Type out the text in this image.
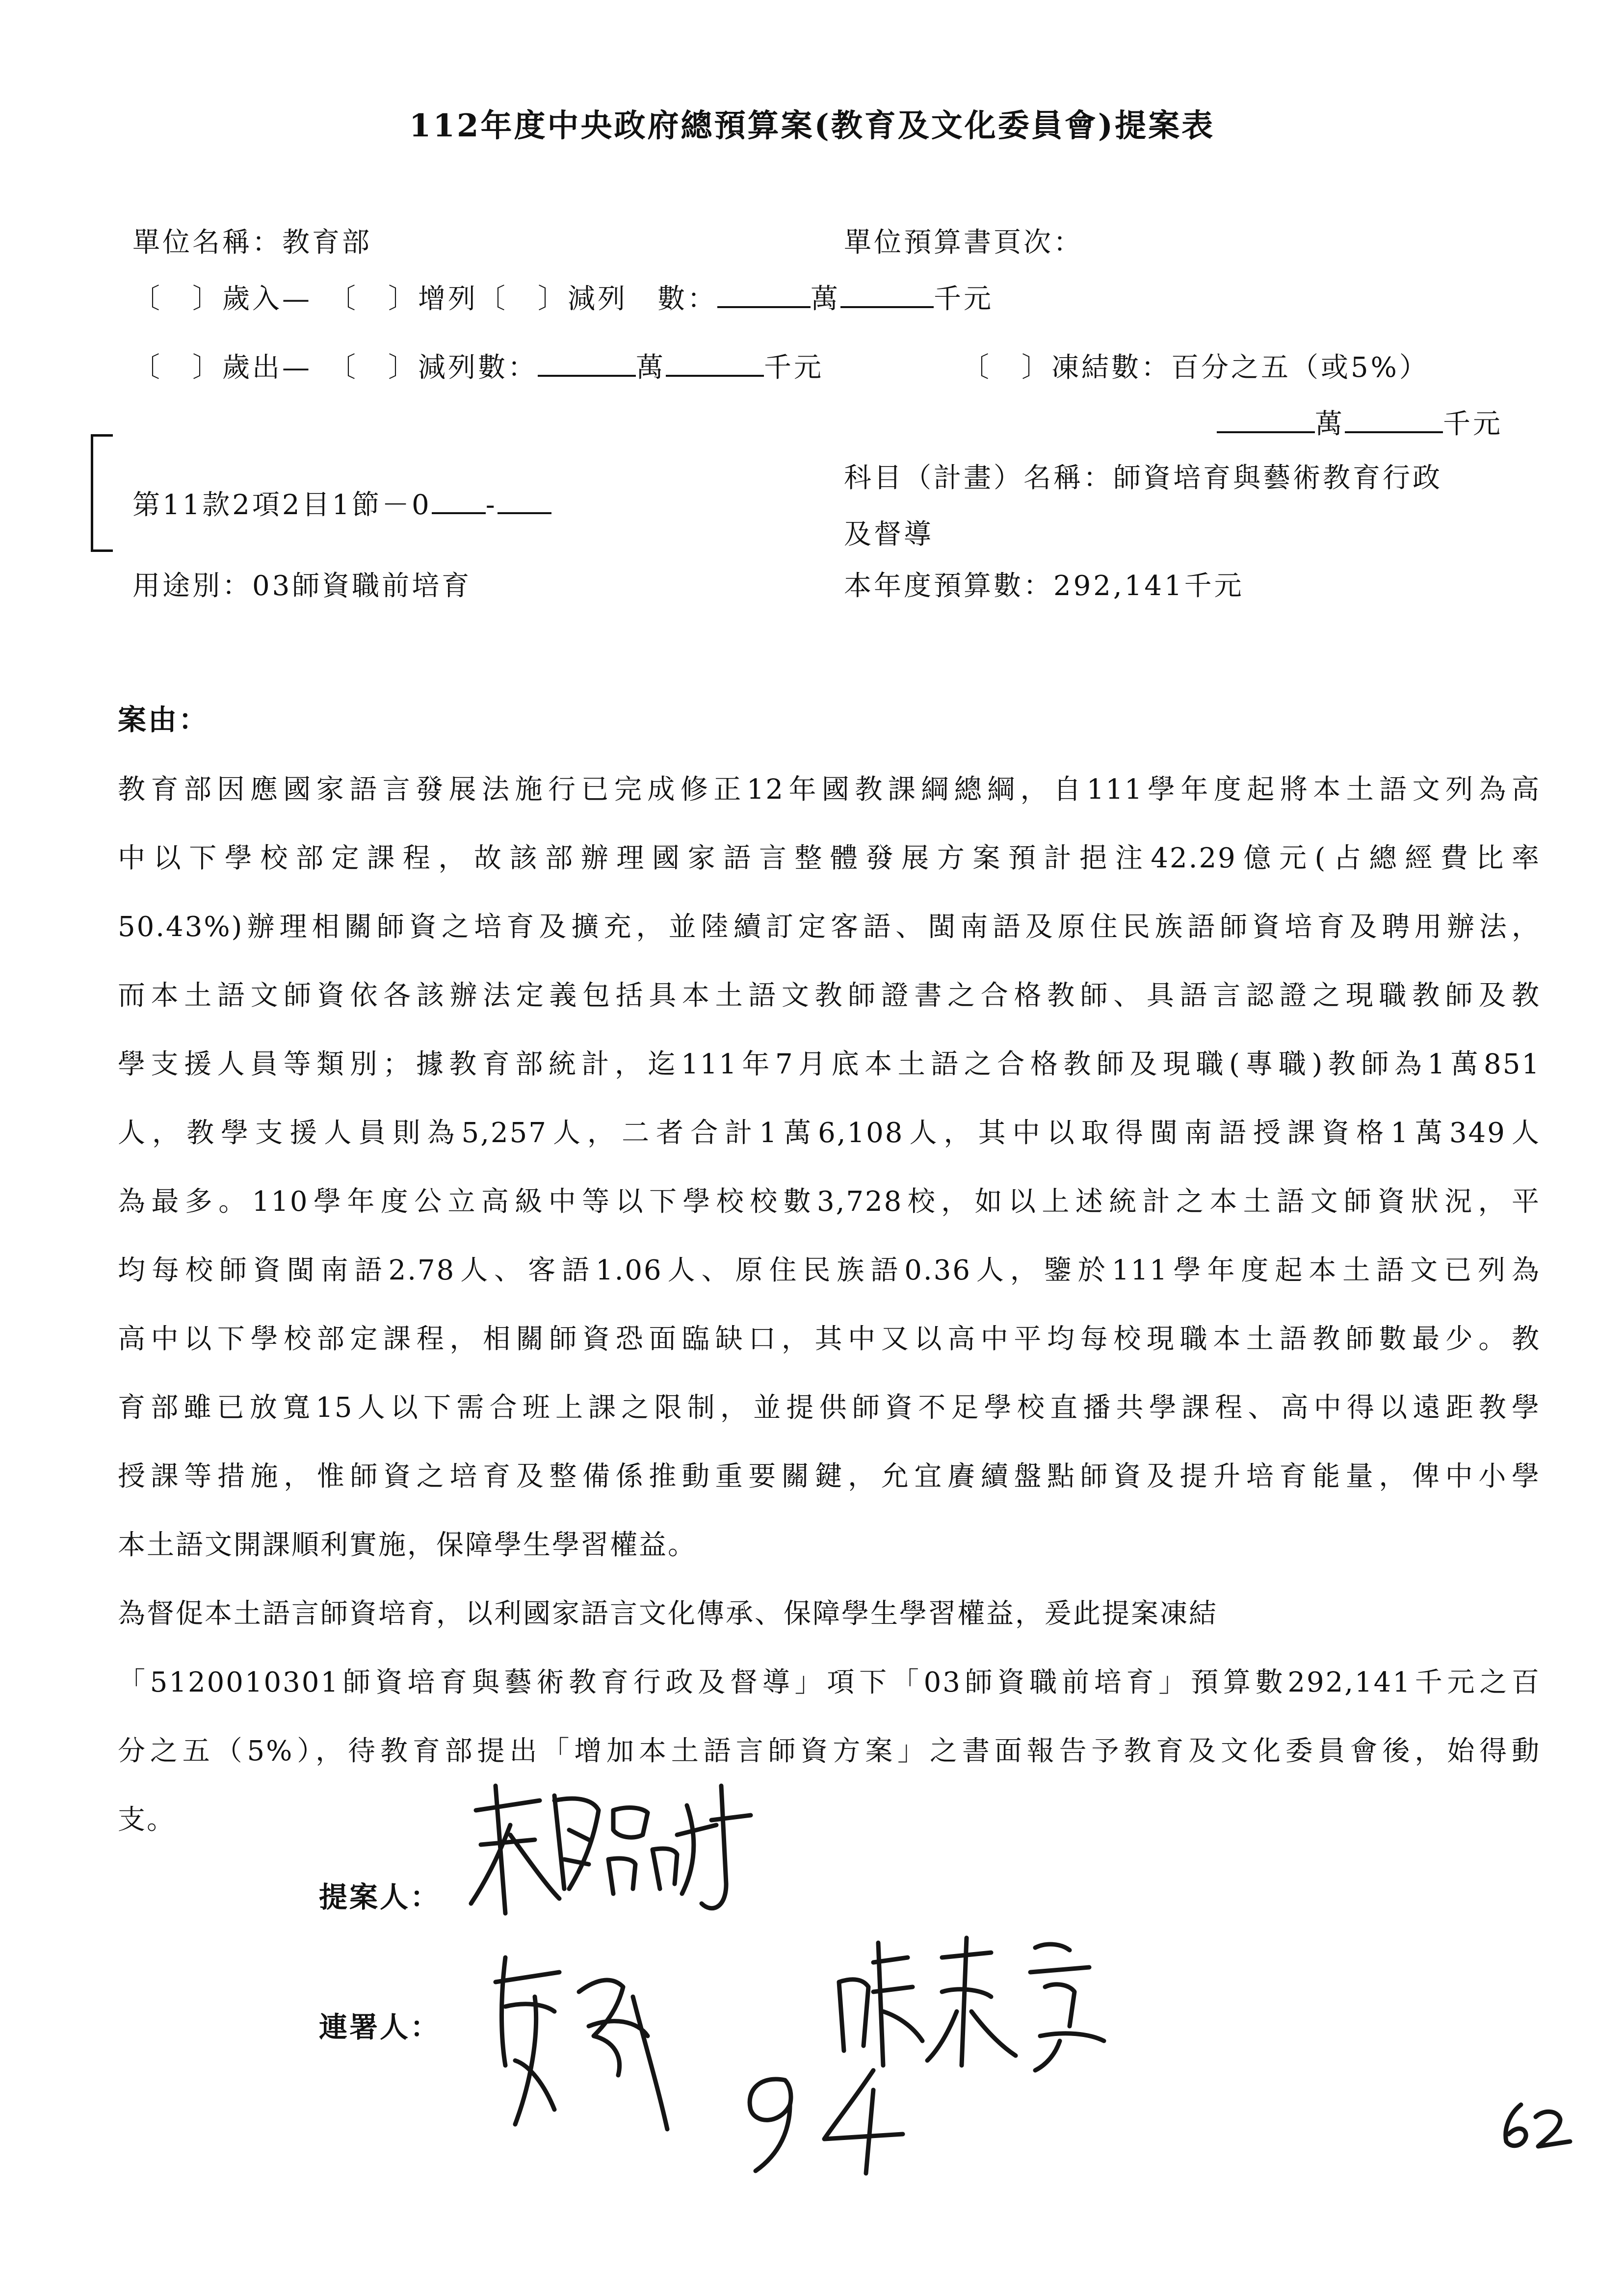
112年度中央政府總預算案(教育及文化委員會)提案表
單位名稱：教育部	單位預算書頁次：
〔　〕歲入—　〔　〕增列〔　〕減列　數：	萬	千元
〔　〕歲出—　〔　〕減列數：	萬	千元	〔　〕凍結數：百分之五（或5%）
萬	千元
第11款2項2目1節－0 -
科目（計畫）名稱：師資培育與藝術教育行政
及督導
用途別：03師資職前培育	本年度預算數：292,141千元
案由：
教育部因應國家語言發展法施行已完成修正12年國教課綱總綱，自111學年度起將本土語文列為高
中以下學校部定課程，故該部辦理國家語言整體發展方案預計挹注42.29億元(占總經費比率
50.43%)辦理相關師資之培育及擴充，並陸續訂定客語、閩南語及原住民族語師資培育及聘用辦法，
而本土語文師資依各該辦法定義包括具本土語文教師證書之合格教師、具語言認證之現職教師及教
學支援人員等類別；據教育部統計，迄111年7月底本土語之合格教師及現職(專職)教師為1萬851
人，教學支援人員則為5,257人，二者合計1萬6,108人，其中以取得閩南語授課資格1萬349人
為最多。110學年度公立高級中等以下學校校數3,728校，如以上述統計之本土語文師資狀況，平
均每校師資閩南語2.78人、客語1.06人、原住民族語0.36人，鑒於111學年度起本土語文已列為
高中以下學校部定課程，相關師資恐面臨缺口，其中又以高中平均每校現職本土語教師數最少。教
育部雖已放寬15人以下需合班上課之限制，並提供師資不足學校直播共學課程、高中得以遠距教學
授課等措施，惟師資之培育及整備係推動重要關鍵，允宜賡續盤點師資及提升培育能量，俾中小學
本土語文開課順利實施，保障學生學習權益。
為督促本土語言師資培育，以利國家語言文化傳承、保障學生學習權益，爰此提案凍結
「5120010301師資培育與藝術教育行政及督導」項下「03師資職前培育」預算數292,141千元之百
分之五（5%），待教育部提出「增加本土語言師資方案」之書面報告予教育及文化委員會後，始得動
支。
提案人：
連署人：
